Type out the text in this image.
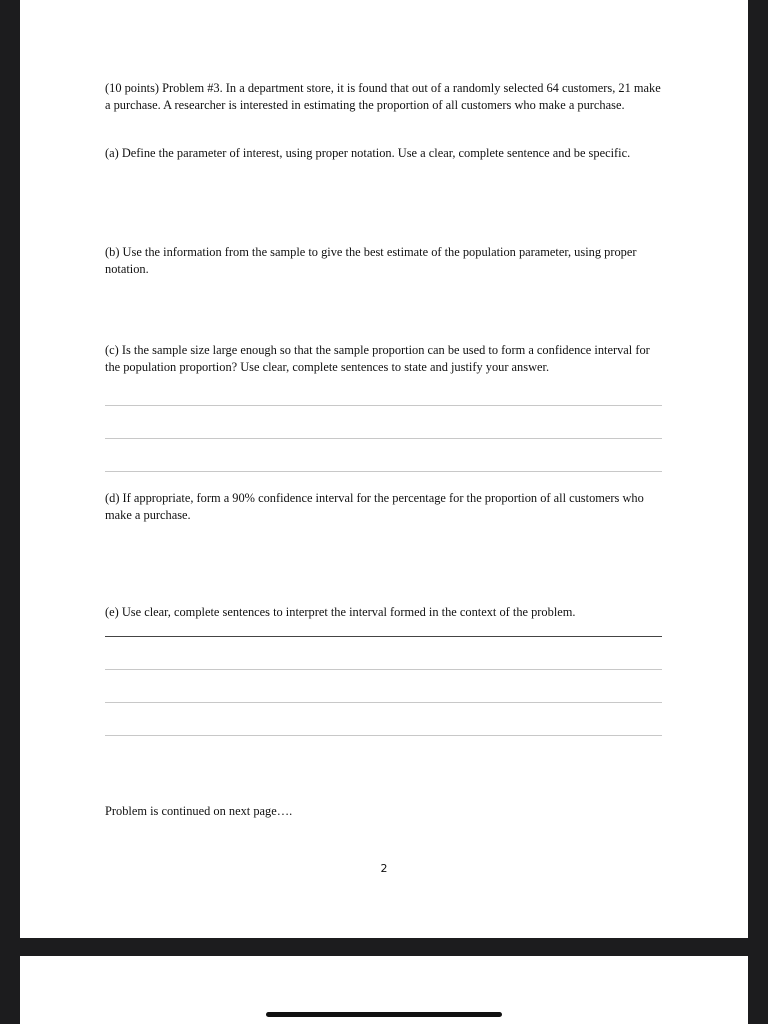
(10 points) Problem #3. In a department store, it is found that out of a randomly selected 64 customers, 21 make a purchase. A researcher is interested in estimating the proportion of all customers who make a purchase.

(a) Define the parameter of interest, using proper notation. Use a clear, complete sentence and be specific.

(b) Use the information from the sample to give the best estimate of the population parameter, using proper notation.

(c) Is the sample size large enough so that the sample proportion can be used to form a confidence interval for the population proportion? Use clear, complete sentences to state and justify your answer.

(d) If appropriate, form a 90% confidence interval for the percentage for the proportion of all customers who make a purchase.

(e) Use clear, complete sentences to interpret the interval formed in the context of the problem.

Problem is continued on next page….

2
